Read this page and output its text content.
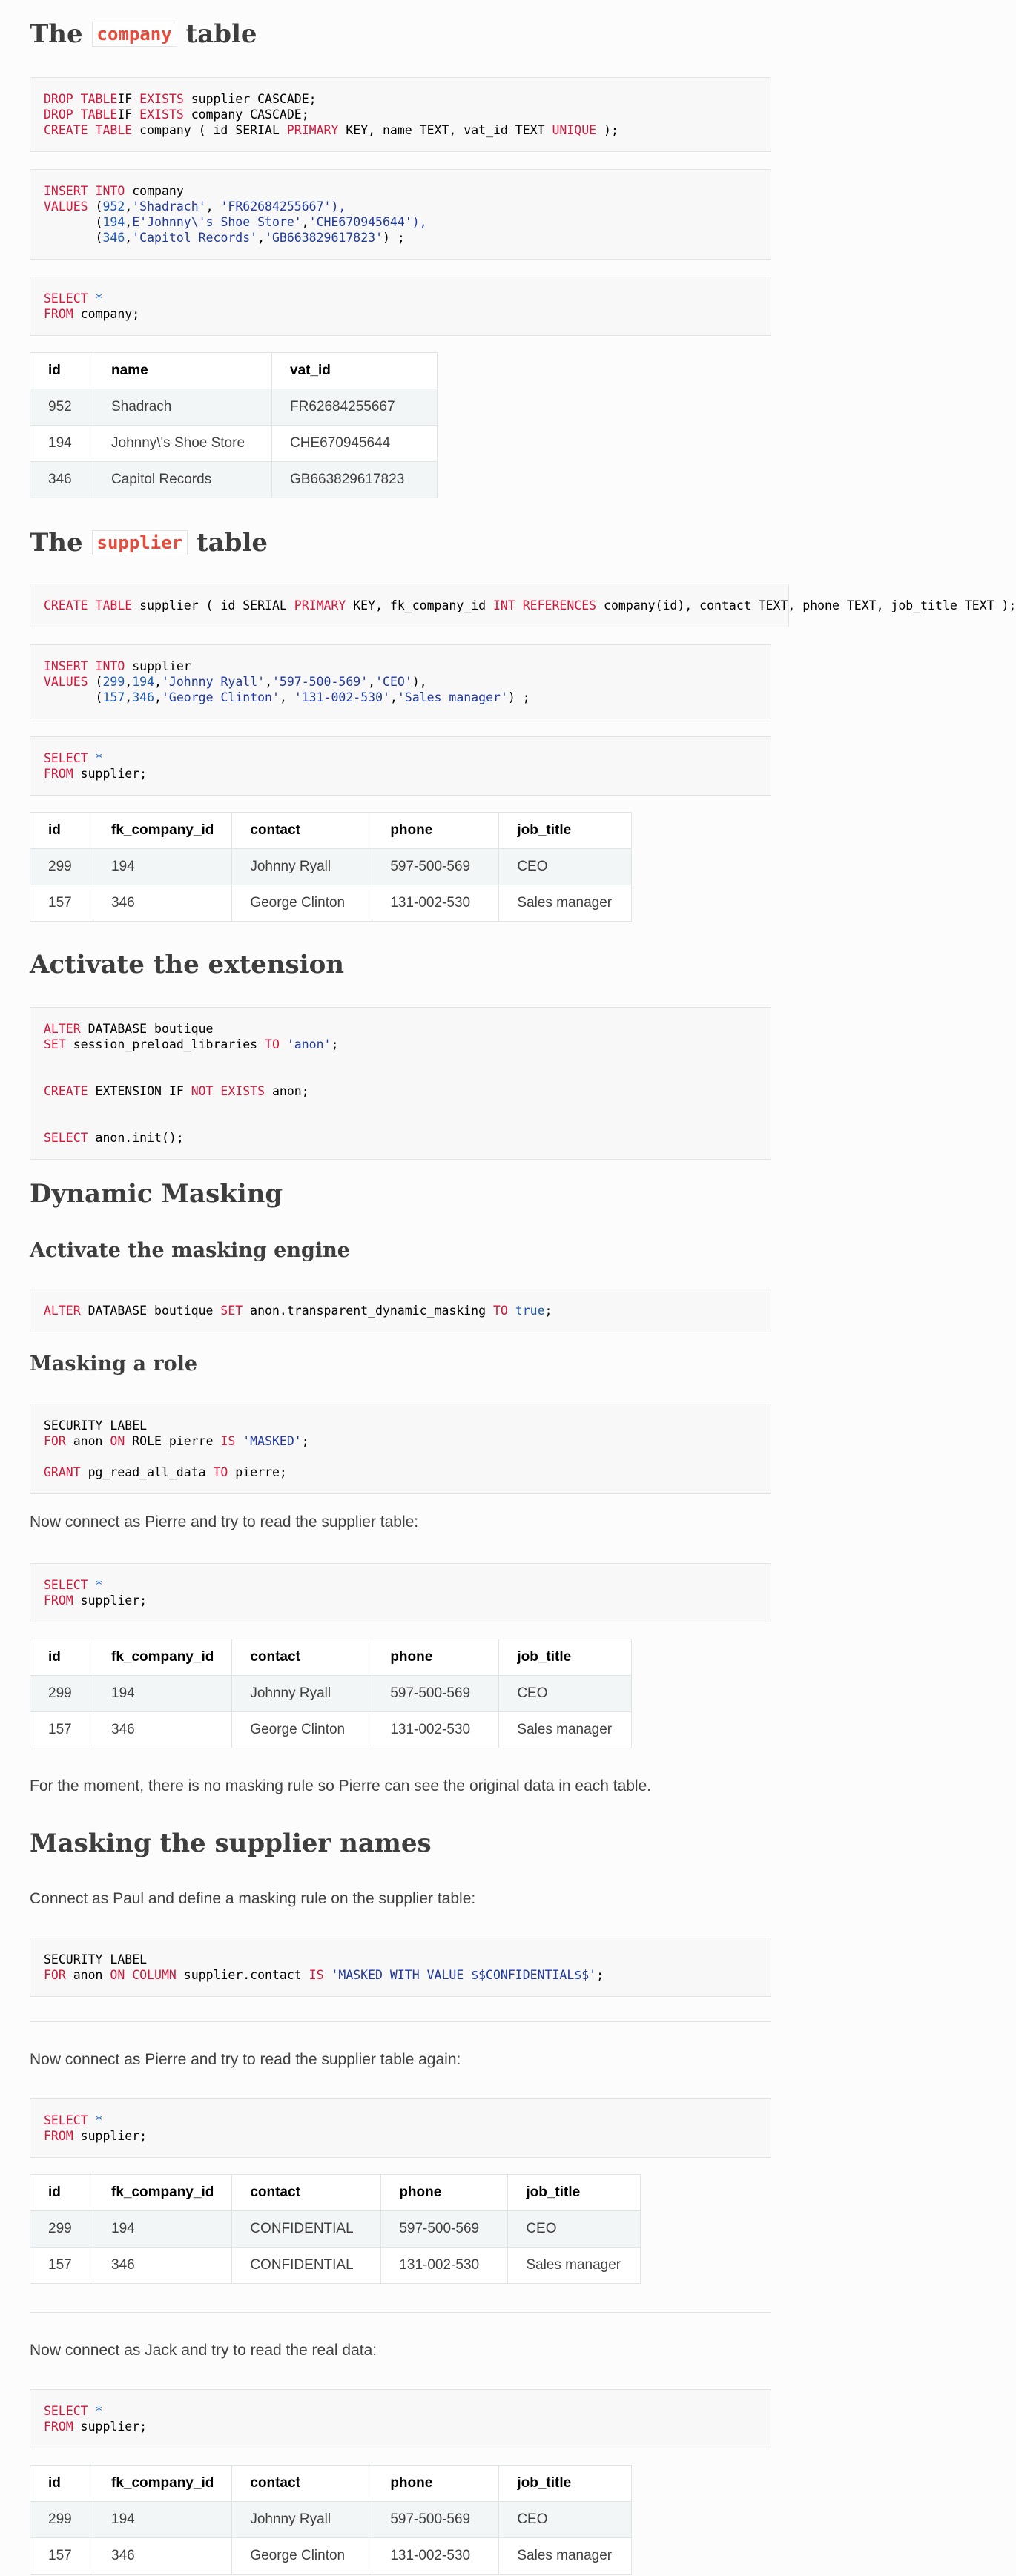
The company table
DROP TABLEIF EXISTS supplier CASCADE;
DROP TABLEIF EXISTS company CASCADE;
CREATE TABLE company ( id SERIAL PRIMARY KEY, name TEXT, vat_id TEXT UNIQUE );
INSERT INTO company
VALUES (952,'Shadrach', 'FR62684255667'),
(194,E'Johnny\'s Shoe Store','CHE670945644'),
(346,'Capitol Records','GB663829617823') ;
SELECT *
FROM company;
id	name	vat_id
952	Shadrach	FR62684255667
194	Johnny\'s Shoe Store	CHE670945644
346	Capitol Records	GB663829617823
The supplier table
CREATE TABLE supplier ( id SERIAL PRIMARY KEY, fk_company_id INT REFERENCES company(id), contact TEXT, phone TEXT, job_title TEXT );
INSERT INTO supplier
VALUES (299,194,'Johnny Ryall','597-500-569','CEO'),
(157,346,'George Clinton', '131-002-530','Sales manager') ;
SELECT *
FROM supplier;
id	fk_company_id	contact	phone	job_title
299	194	Johnny Ryall	597-500-569	CEO
157	346	George Clinton	131-002-530	Sales manager
Activate the extension
ALTER DATABASE boutique
SET session_preload_libraries TO 'anon';

CREATE EXTENSION IF NOT EXISTS anon;

SELECT anon.init();
Dynamic Masking
Activate the masking engine
ALTER DATABASE boutique SET anon.transparent_dynamic_masking TO true;
Masking a role
SECURITY LABEL
FOR anon ON ROLE pierre IS 'MASKED';

GRANT pg_read_all_data TO pierre;

Now connect as Pierre and try to read the supplier table:

SELECT *
FROM supplier;
id	fk_company_id	contact	phone	job_title
299	194	Johnny Ryall	597-500-569	CEO
157	346	George Clinton	131-002-530	Sales manager

For the moment, there is no masking rule so Pierre can see the original data in each table.

Masking the supplier names

Connect as Paul and define a masking rule on the supplier table:

SECURITY LABEL
FOR anon ON COLUMN supplier.contact IS 'MASKED WITH VALUE $$CONFIDENTIAL$$';

Now connect as Pierre and try to read the supplier table again:

SELECT *
FROM supplier;
id	fk_company_id	contact	phone	job_title
299	194	CONFIDENTIAL	597-500-569	CEO
157	346	CONFIDENTIAL	131-002-530	Sales manager

Now connect as Jack and try to read the real data:

SELECT *
FROM supplier;
id	fk_company_id	contact	phone	job_title
299	194	Johnny Ryall	597-500-569	CEO
157	346	George Clinton	131-002-530	Sales manager
